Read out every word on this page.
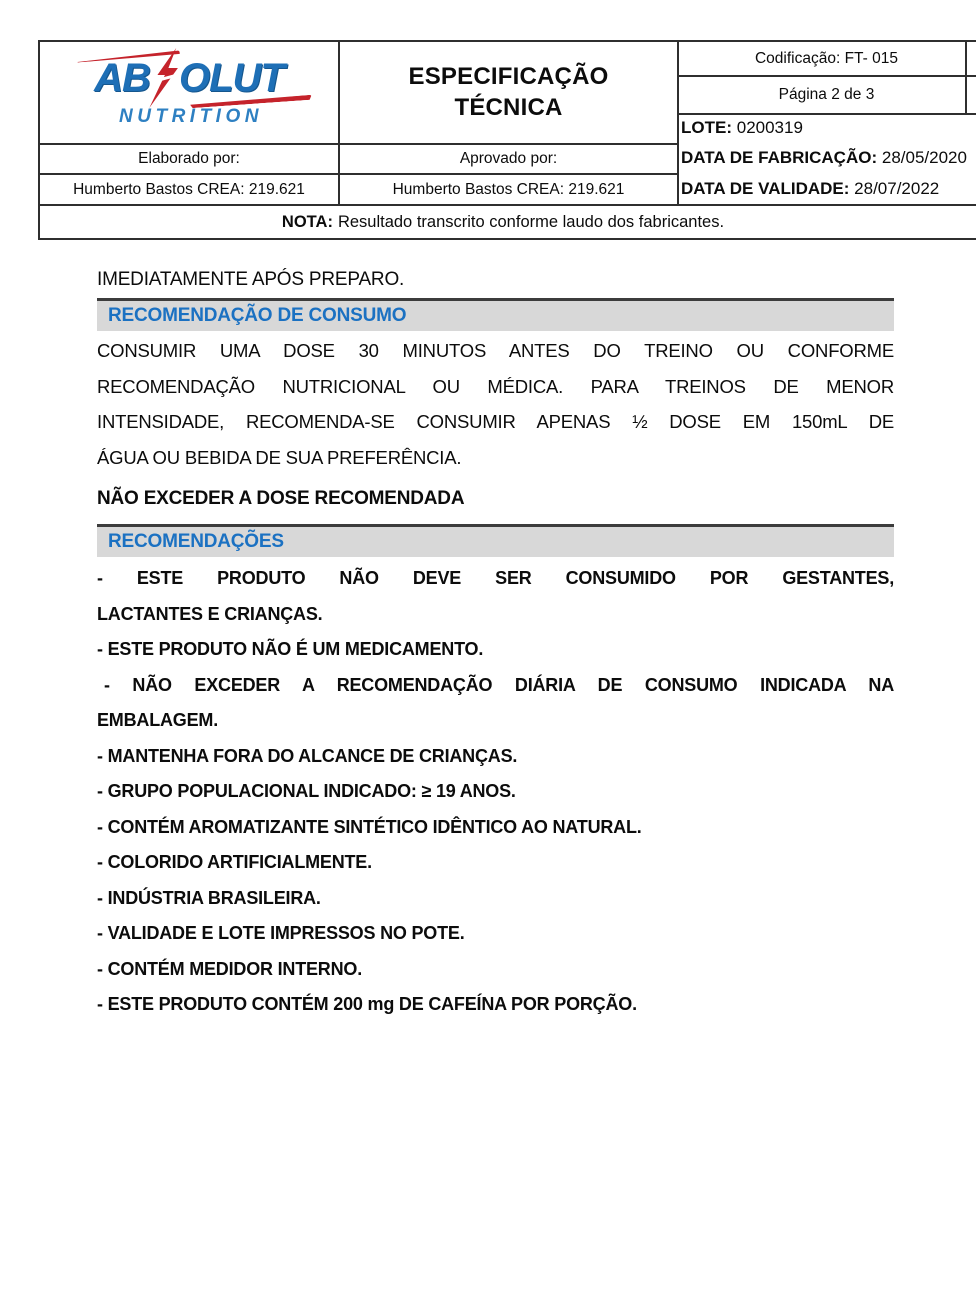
AB OLUT
NUTRITION
ESPECIFICAÇÃO
TÉCNICA
Codificação: FT- 015
Página 2 de 3
LOTE:
0200319
DATA DE FABRICAÇÃO:
28/05/2020
DATA DE VALIDADE:
28/07/2022
Elaborado por:	Aprovado por:
Humberto Bastos CREA: 219.621	Humberto Bastos CREA: 219.621
NOTA: Resultado transcrito conforme laudo dos fabricantes.
IMEDIATAMENTE APÓS PREPARO.
RECOMENDAÇÃO DE CONSUMO
CONSUMIR UMA DOSE 30 MINUTOS ANTES DO TREINO OU CONFORME
RECOMENDAÇÃO NUTRICIONAL OU MÉDICA. PARA TREINOS DE MENOR
INTENSIDADE, RECOMENDA-SE CONSUMIR APENAS ½ DOSE EM 150mL DE
ÁGUA OU BEBIDA DE SUA PREFERÊNCIA.
NÃO EXCEDER A DOSE RECOMENDADA
RECOMENDAÇÕES
- ESTE PRODUTO NÃO DEVE SER CONSUMIDO POR GESTANTES,
LACTANTES E CRIANÇAS.
- ESTE PRODUTO NÃO É UM MEDICAMENTO.
- NÃO EXCEDER A RECOMENDAÇÃO DIÁRIA DE CONSUMO INDICADA NA
EMBALAGEM.
- MANTENHA FORA DO ALCANCE DE CRIANÇAS.
- GRUPO POPULACIONAL INDICADO: ≥ 19 ANOS.
- CONTÉM AROMATIZANTE SINTÉTICO IDÊNTICO AO NATURAL.
- COLORIDO ARTIFICIALMENTE.
- INDÚSTRIA BRASILEIRA.
- VALIDADE E LOTE IMPRESSOS NO POTE.
- CONTÉM MEDIDOR INTERNO.
- ESTE PRODUTO CONTÉM 200 mg DE CAFEÍNA POR PORÇÃO.
